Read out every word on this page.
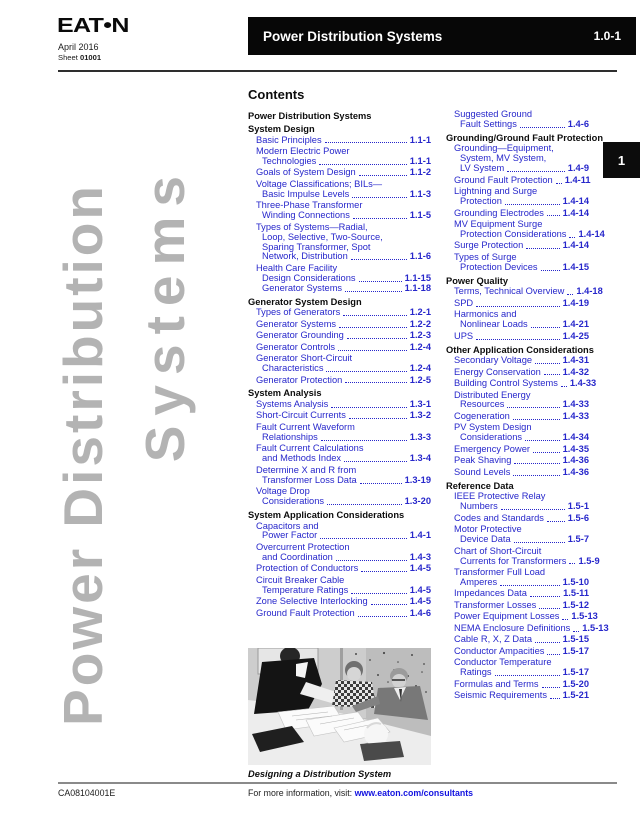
EAT•N
April 2016
Sheet 01001
Power Distribution Systems	1.0-1
1
Power Distribution Systems
Contents
Power Distribution Systems
System Design
Basic Principles	1.1-1
Modern Electric Power
Technologies	1.1-1
Goals of System Design	1.1-2
Voltage Classifications; BILs—
Basic Impulse Levels	1.1-3
Three-Phase Transformer
Winding Connections	1.1-5
Types of Systems—Radial,
Loop, Selective, Two-Source,
Sparing Transformer, Spot
Network, Distribution	1.1-6
Health Care Facility
Design Considerations	1.1-15
Generator Systems	1.1-18
Generator System Design
Types of Generators	1.2-1
Generator Systems	1.2-2
Generator Grounding	1.2-3
Generator Controls	1.2-4
Generator Short-Circuit
Characteristics	1.2-4
Generator Protection	1.2-5
System Analysis
Systems Analysis	1.3-1
Short-Circuit Currents	1.3-2
Fault Current Waveform
Relationships	1.3-3
Fault Current Calculations
and Methods Index	1.3-4
Determine X and R from
Transformer Loss Data	1.3-19
Voltage Drop
Considerations	1.3-20
System Application Considerations
Capacitors and
Power Factor	1.4-1
Overcurrent Protection
and Coordination	1.4-3
Protection of Conductors	1.4-5
Circuit Breaker Cable
Temperature Ratings	1.4-5
Zone Selective Interlocking	1.4-5
Ground Fault Protection	1.4-6
Suggested Ground
Fault Settings	1.4-6
Grounding/Ground Fault Protection
Grounding—Equipment,
System, MV System,
LV System	1.4-9
Ground Fault Protection 1.4-11
Lightning and Surge
Protection	1.4-14
Grounding Electrodes 1.4-14
MV Equipment Surge
Protection Considerations 1.4-14
Surge Protection	1.4-14
Types of Surge
Protection Devices	1.4-15
Power Quality
Terms, Technical Overview 1.4-18
SPD	1.4-19
Harmonics and
Nonlinear Loads	1.4-21
UPS	1.4-25
Other Application Considerations
Secondary Voltage	1.4-31
Energy Conservation 1.4-32
Building Control Systems 1.4-33
Distributed Energy
Resources	1.4-33
Cogeneration	1.4-33
PV System Design
Considerations	1.4-34
Emergency Power	1.4-35
Peak Shaving	1.4-36
Sound Levels	1.4-36
Reference Data
IEEE Protective Relay
Numbers	1.5-1
Codes and Standards	1.5-6
Motor Protective
Device Data	1.5-7
Chart of Short-Circuit
Currents for Transformers 1.5-9
Transformer Full Load
Amperes	1.5-10
Impedances Data	1.5-11
Transformer Losses	1.5-12
Power Equipment Losses 1.5-13
NEMA Enclosure Definitions 1.5-13
Cable R, X, Z Data	1.5-15
Conductor Ampacities 1.5-17
Conductor Temperature
Ratings	1.5-17
Formulas and Terms	1.5-20
Seismic Requirements 1.5-21
Designing a Distribution System
CA08104001E	For more information, visit: www.eaton.com/consultants
